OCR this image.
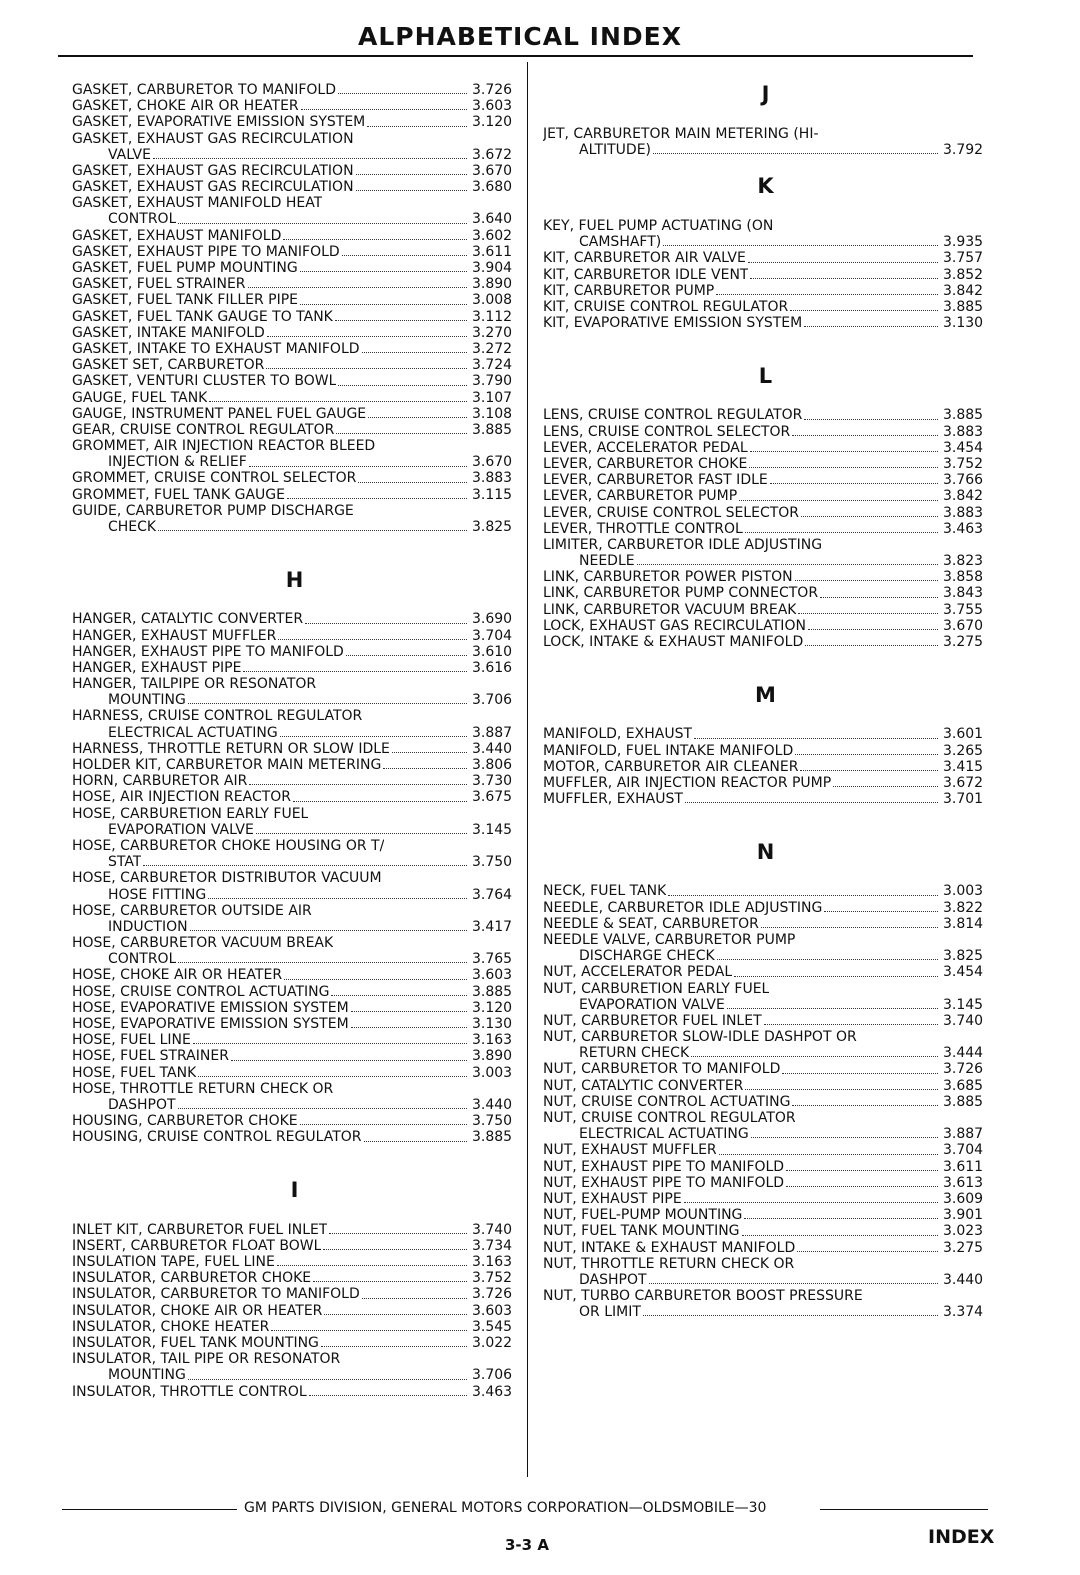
ALPHABETICAL INDEX
GASKET, CARBURETOR TO MANIFOLD	3.726
GASKET, CHOKE AIR OR HEATER	3.603
GASKET, EVAPORATIVE EMISSION SYSTEM	3.120
GASKET, EXHAUST GAS RECIRCULATION
VALVE	3.672
GASKET, EXHAUST GAS RECIRCULATION	3.670
GASKET, EXHAUST GAS RECIRCULATION	3.680
GASKET, EXHAUST MANIFOLD HEAT
CONTROL	3.640
GASKET, EXHAUST MANIFOLD	3.602
GASKET, EXHAUST PIPE TO MANIFOLD	3.611
GASKET, FUEL PUMP MOUNTING	3.904
GASKET, FUEL STRAINER	3.890
GASKET, FUEL TANK FILLER PIPE	3.008
GASKET, FUEL TANK GAUGE TO TANK	3.112
GASKET, INTAKE MANIFOLD	3.270
GASKET, INTAKE TO EXHAUST MANIFOLD	3.272
GASKET SET, CARBURETOR	3.724
GASKET, VENTURI CLUSTER TO BOWL	3.790
GAUGE, FUEL TANK	3.107
GAUGE, INSTRUMENT PANEL FUEL GAUGE	3.108
GEAR, CRUISE CONTROL REGULATOR	3.885
GROMMET, AIR INJECTION REACTOR BLEED
INJECTION & RELIEF	3.670
GROMMET, CRUISE CONTROL SELECTOR	3.883
GROMMET, FUEL TANK GAUGE	3.115
GUIDE, CARBURETOR PUMP DISCHARGE
CHECK	3.825
H
HANGER, CATALYTIC CONVERTER	3.690
HANGER, EXHAUST MUFFLER	3.704
HANGER, EXHAUST PIPE TO MANIFOLD	3.610
HANGER, EXHAUST PIPE	3.616
HANGER, TAILPIPE OR RESONATOR
MOUNTING	3.706
HARNESS, CRUISE CONTROL REGULATOR
ELECTRICAL ACTUATING	3.887
HARNESS, THROTTLE RETURN OR SLOW IDLE	3.440
HOLDER KIT, CARBURETOR MAIN METERING	3.806
HORN, CARBURETOR AIR	3.730
HOSE, AIR INJECTION REACTOR	3.675
HOSE, CARBURETION EARLY FUEL
EVAPORATION VALVE	3.145
HOSE, CARBURETOR CHOKE HOUSING OR T/
STAT	3.750
HOSE, CARBURETOR DISTRIBUTOR VACUUM
HOSE FITTING	3.764
HOSE, CARBURETOR OUTSIDE AIR
INDUCTION	3.417
HOSE, CARBURETOR VACUUM BREAK
CONTROL	3.765
HOSE, CHOKE AIR OR HEATER	3.603
HOSE, CRUISE CONTROL ACTUATING	3.885
HOSE, EVAPORATIVE EMISSION SYSTEM	3.120
HOSE, EVAPORATIVE EMISSION SYSTEM	3.130
HOSE, FUEL LINE	3.163
HOSE, FUEL STRAINER	3.890
HOSE, FUEL TANK	3.003
HOSE, THROTTLE RETURN CHECK OR
DASHPOT	3.440
HOUSING, CARBURETOR CHOKE	3.750
HOUSING, CRUISE CONTROL REGULATOR	3.885
I
INLET KIT, CARBURETOR FUEL INLET	3.740
INSERT, CARBURETOR FLOAT BOWL	3.734
INSULATION TAPE, FUEL LINE	3.163
INSULATOR, CARBURETOR CHOKE	3.752
INSULATOR, CARBURETOR TO MANIFOLD	3.726
INSULATOR, CHOKE AIR OR HEATER	3.603
INSULATOR, CHOKE HEATER	3.545
INSULATOR, FUEL TANK MOUNTING	3.022
INSULATOR, TAIL PIPE OR RESONATOR
MOUNTING	3.706
INSULATOR, THROTTLE CONTROL	3.463
J
JET, CARBURETOR MAIN METERING (HI-
ALTITUDE)	3.792
K
KEY, FUEL PUMP ACTUATING (ON
CAMSHAFT)	3.935
KIT, CARBURETOR AIR VALVE	3.757
KIT, CARBURETOR IDLE VENT	3.852
KIT, CARBURETOR PUMP	3.842
KIT, CRUISE CONTROL REGULATOR	3.885
KIT, EVAPORATIVE EMISSION SYSTEM	3.130
L
LENS, CRUISE CONTROL REGULATOR	3.885
LENS, CRUISE CONTROL SELECTOR	3.883
LEVER, ACCELERATOR PEDAL	3.454
LEVER, CARBURETOR CHOKE	3.752
LEVER, CARBURETOR FAST IDLE	3.766
LEVER, CARBURETOR PUMP	3.842
LEVER, CRUISE CONTROL SELECTOR	3.883
LEVER, THROTTLE CONTROL	3.463
LIMITER, CARBURETOR IDLE ADJUSTING
NEEDLE	3.823
LINK, CARBURETOR POWER PISTON	3.858
LINK, CARBURETOR PUMP CONNECTOR	3.843
LINK, CARBURETOR VACUUM BREAK	3.755
LOCK, EXHAUST GAS RECIRCULATION	3.670
LOCK, INTAKE & EXHAUST MANIFOLD	3.275
M
MANIFOLD, EXHAUST	3.601
MANIFOLD, FUEL INTAKE MANIFOLD	3.265
MOTOR, CARBURETOR AIR CLEANER	3.415
MUFFLER, AIR INJECTION REACTOR PUMP	3.672
MUFFLER, EXHAUST	3.701
N
NECK, FUEL TANK	3.003
NEEDLE, CARBURETOR IDLE ADJUSTING	3.822
NEEDLE & SEAT, CARBURETOR	3.814
NEEDLE VALVE, CARBURETOR PUMP
DISCHARGE CHECK	3.825
NUT, ACCELERATOR PEDAL	3.454
NUT, CARBURETION EARLY FUEL
EVAPORATION VALVE	3.145
NUT, CARBURETOR FUEL INLET	3.740
NUT, CARBURETOR SLOW-IDLE DASHPOT OR
RETURN CHECK	3.444
NUT, CARBURETOR TO MANIFOLD	3.726
NUT, CATALYTIC CONVERTER	3.685
NUT, CRUISE CONTROL ACTUATING	3.885
NUT, CRUISE CONTROL REGULATOR
ELECTRICAL ACTUATING	3.887
NUT, EXHAUST MUFFLER	3.704
NUT, EXHAUST PIPE TO MANIFOLD	3.611
NUT, EXHAUST PIPE TO MANIFOLD	3.613
NUT, EXHAUST PIPE	3.609
NUT, FUEL-PUMP MOUNTING	3.901
NUT, FUEL TANK MOUNTING	3.023
NUT, INTAKE & EXHAUST MANIFOLD	3.275
NUT, THROTTLE RETURN CHECK OR
DASHPOT	3.440
NUT, TURBO CARBURETOR BOOST PRESSURE
OR LIMIT	3.374
GM PARTS DIVISION, GENERAL MOTORS CORPORATION—OLDSMOBILE—30
3-3 A	INDEX
